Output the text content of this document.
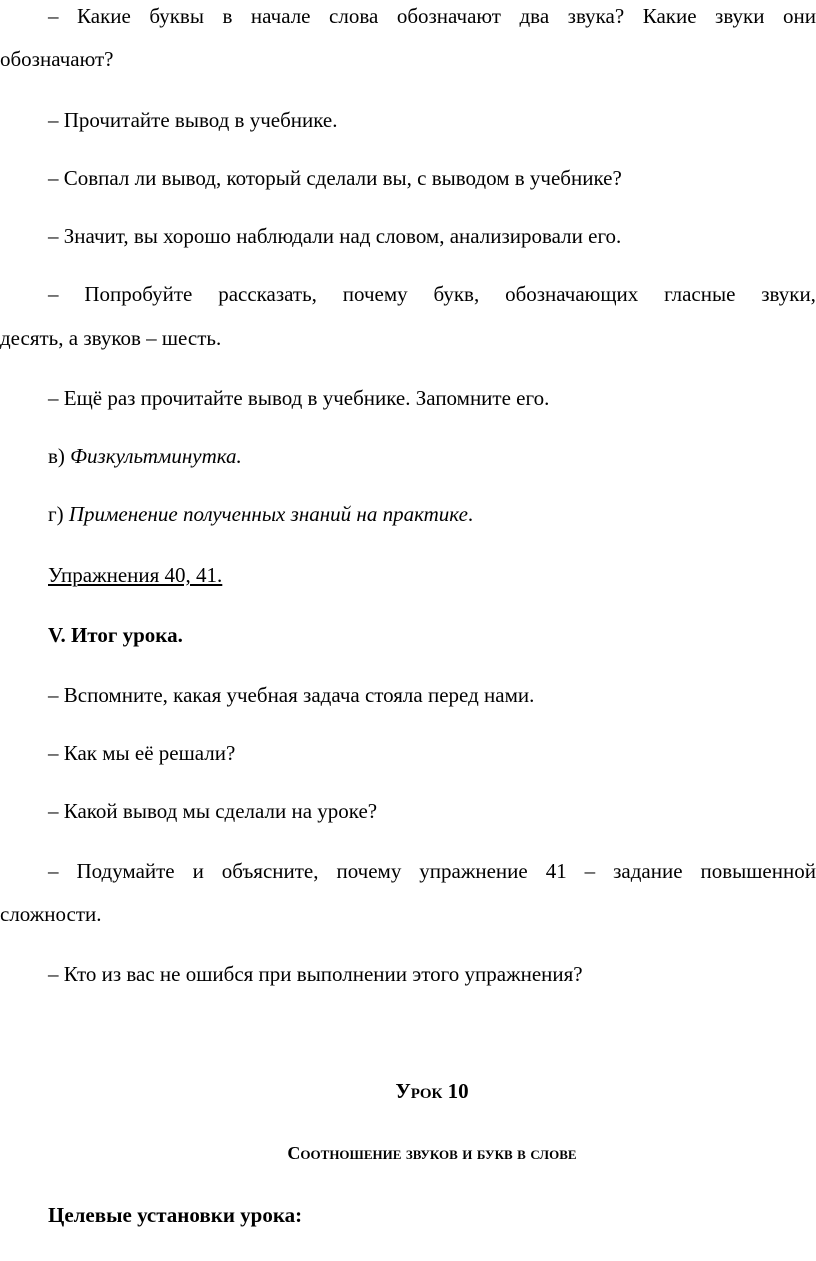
– Какие буквы в начале слова обозначают два звука? Какие звуки они
обозначают?
– Прочитайте вывод в учебнике.
– Совпал ли вывод, который сделали вы, с выводом в учебнике?
– Значит, вы хорошо наблюдали над словом, анализировали его.
– Попробуйте рассказать, почему букв, обозначающих гласные звуки,
десять, а звуков – шесть.
– Ещё раз прочитайте вывод в учебнике. Запомните его.
в) Физкультминутка.
г) Применение полученных знаний на практике.
Упражнения 40, 41.
V. Итог урока.
– Вспомните, какая учебная задача стояла перед нами.
– Как мы её решали?
– Какой вывод мы сделали на уроке?
– Подумайте и объясните, почему упражнение 41 – задание повышенной
сложности.
– Кто из вас не ошибся при выполнении этого упражнения?
Урок 10
Соотношение звуков и букв в слове
Целевые установки урока:
